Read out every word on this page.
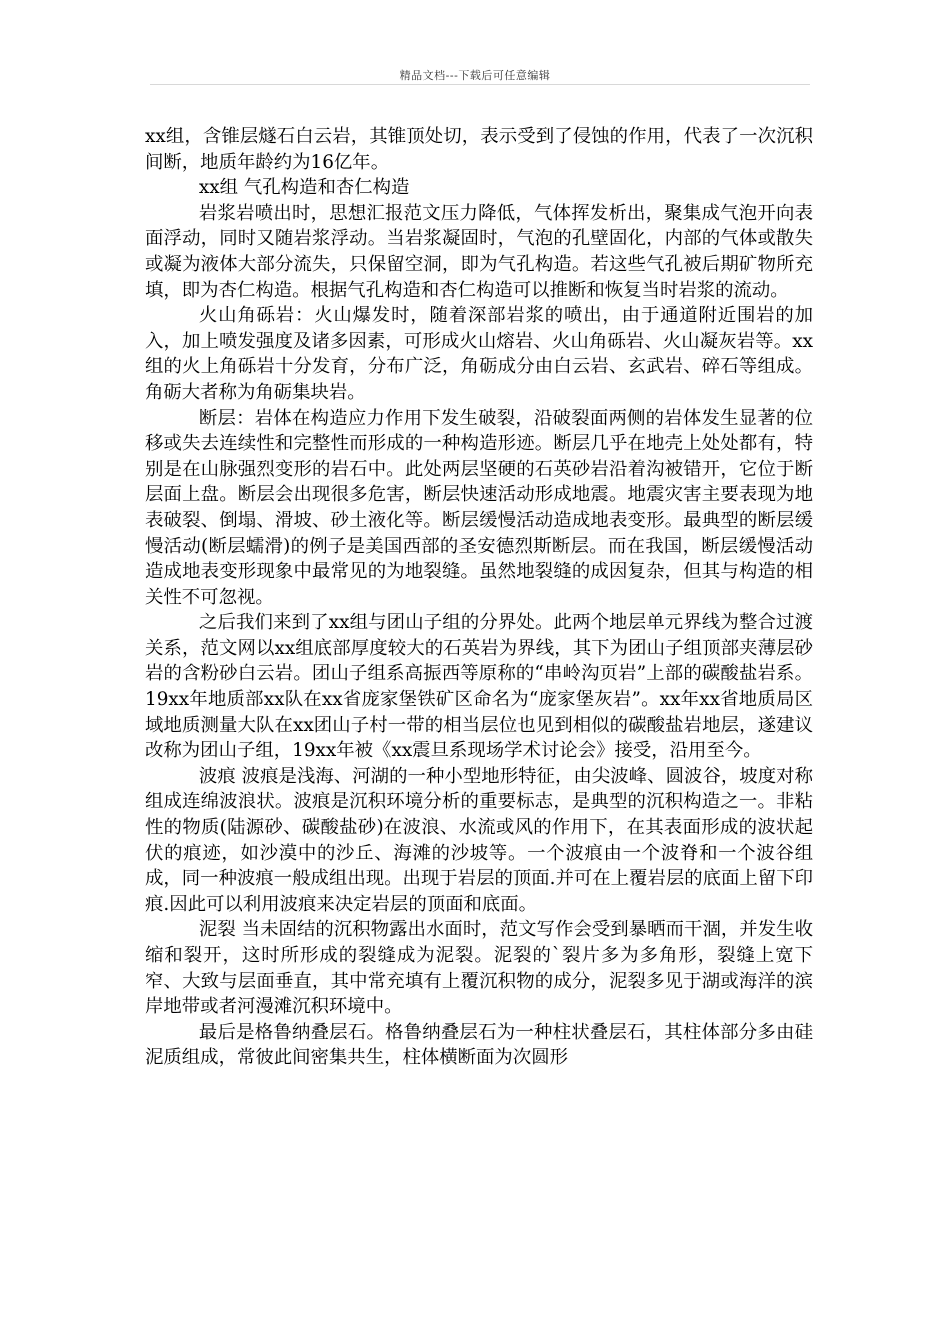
精品文档---下载后可任意编辑

xx组，含锥层燧石白云岩，其锥顶处切，表示受到了侵蚀的作用，代表了一次沉积间断，地质年龄约为16亿年。

xx组 气孔构造和杏仁构造

岩浆岩喷出时，思想汇报范文压力降低，气体挥发析出，聚集成气泡开向表面浮动，同时又随岩浆浮动。当岩浆凝固时，气泡的孔壁固化，内部的气体或散失或凝为液体大部分流失，只保留空洞，即为气孔构造。若这些气孔被后期矿物所充填，即为杏仁构造。根据气孔构造和杏仁构造可以推断和恢复当时岩浆的流动。

火山角砾岩：火山爆发时，随着深部岩浆的喷出，由于通道附近围岩的加入，加上喷发强度及诸多因素，可形成火山熔岩、火山角砾岩、火山凝灰岩等。xx组的火上角砾岩十分发育，分布广泛，角砺成分由白云岩、玄武岩、碎石等组成。角砺大者称为角砺集块岩。

断层：岩体在构造应力作用下发生破裂，沿破裂面两侧的岩体发生显著的位移或失去连续性和完整性而形成的一种构造形迹。断层几乎在地壳上处处都有，特别是在山脉强烈变形的岩石中。此处两层坚硬的石英砂岩沿着沟被错开，它位于断层面上盘。断层会出现很多危害，断层快速活动形成地震。地震灾害主要表现为地表破裂、倒塌、滑坡、砂土液化等。断层缓慢活动造成地表变形。最典型的断层缓慢活动(断层蠕滑)的例子是美国西部的圣安德烈斯断层。而在我国，断层缓慢活动造成地表变形现象中最常见的为地裂缝。虽然地裂缝的成因复杂，但其与构造的相关性不可忽视。

之后我们来到了xx组与团山子组的分界处。此两个地层单元界线为整合过渡关系，范文网以xx组底部厚度较大的石英岩为界线，其下为团山子组顶部夹薄层砂岩的含粉砂白云岩。团山子组系高振西等原称的“串岭沟页岩”上部的碳酸盐岩系。19xx年地质部xx队在xx省庞家堡铁矿区命名为“庞家堡灰岩”。xx年xx省地质局区域地质测量大队在xx团山子村一带的相当层位也见到相似的碳酸盐岩地层，遂建议改称为团山子组，19xx年被《xx震旦系现场学术讨论会》接受，沿用至今。

波痕 波痕是浅海、河湖的一种小型地形特征，由尖波峰、圆波谷，坡度对称组成连绵波浪状。波痕是沉积环境分析的重要标志，是典型的沉积构造之一。非粘性的物质(陆源砂、碳酸盐砂)在波浪、水流或风的作用下，在其表面形成的波状起伏的痕迹，如沙漠中的沙丘、海滩的沙坡等。一个波痕由一个波脊和一个波谷组成，同一种波痕一般成组出现。出现于岩层的顶面.并可在上覆岩层的底面上留下印痕.因此可以利用波痕来决定岩层的顶面和底面。

泥裂 当未固结的沉积物露出水面时，范文写作会受到暴晒而干涸，并发生收缩和裂开，这时所形成的裂缝成为泥裂。泥裂的`裂片多为多角形，裂缝上宽下窄、大致与层面垂直，其中常充填有上覆沉积物的成分，泥裂多见于湖或海洋的滨岸地带或者河漫滩沉积环境中。

最后是格鲁纳叠层石。格鲁纳叠层石为一种柱状叠层石，其柱体部分多由硅泥质组成，常彼此间密集共生，柱体横断面为次圆形
